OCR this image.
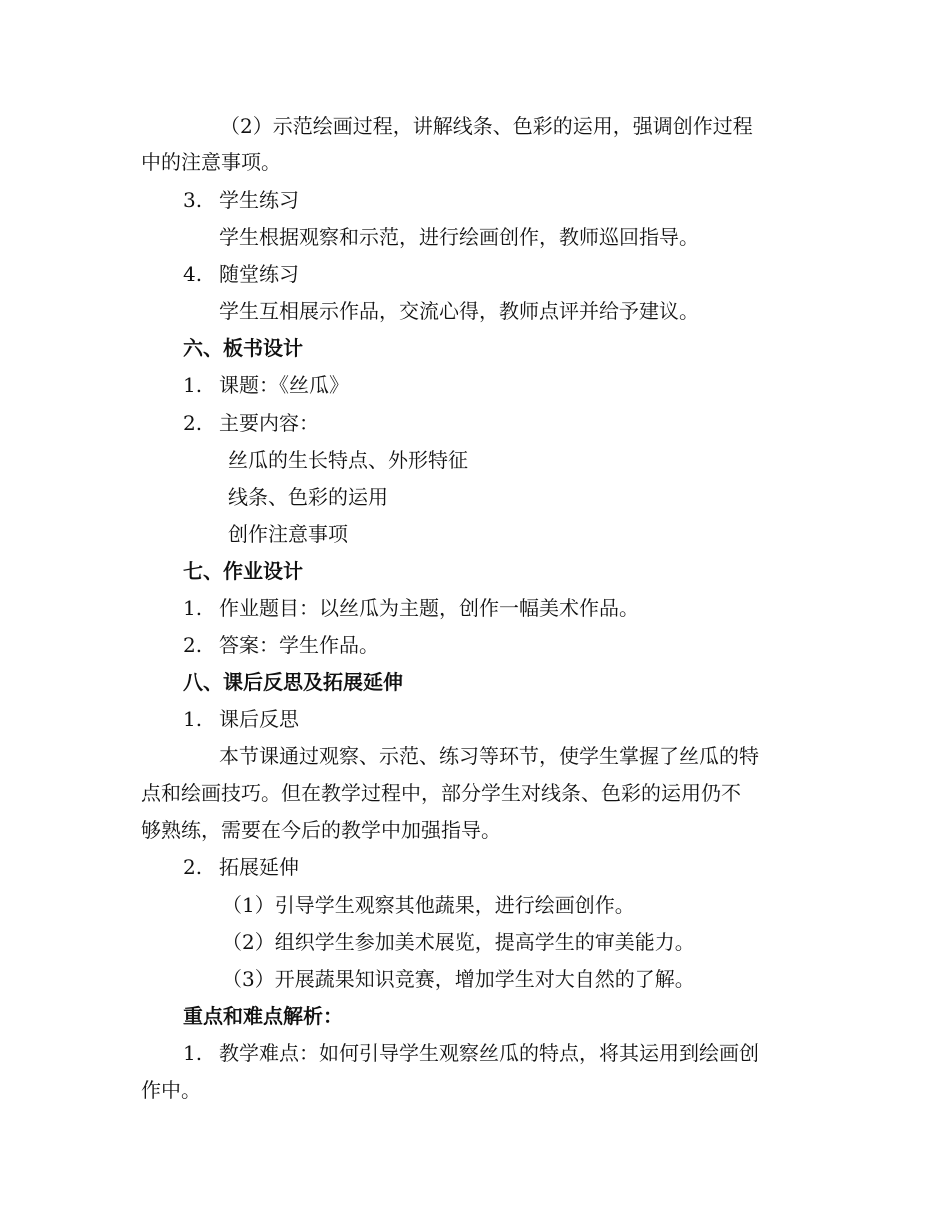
（2）示范绘画过程，讲解线条、色彩的运用，强调创作过程

中的注意事项。

3. 学生练习

学生根据观察和示范，进行绘画创作，教师巡回指导。

4. 随堂练习

学生互相展示作品，交流心得，教师点评并给予建议。

六、板书设计

1. 课题：《丝瓜》

2. 主要内容：

丝瓜的生长特点、外形特征

线条、色彩的运用

创作注意事项

七、作业设计

1. 作业题目：以丝瓜为主题，创作一幅美术作品。

2. 答案：学生作品。

八、课后反思及拓展延伸

1. 课后反思

本节课通过观察、示范、练习等环节，使学生掌握了丝瓜的特

点和绘画技巧。但在教学过程中，部分学生对线条、色彩的运用仍不

够熟练，需要在今后的教学中加强指导。

2. 拓展延伸

（1）引导学生观察其他蔬果，进行绘画创作。

（2）组织学生参加美术展览，提高学生的审美能力。

（3）开展蔬果知识竞赛，增加学生对大自然的了解。

重点和难点解析：

1. 教学难点：如何引导学生观察丝瓜的特点，将其运用到绘画创

作中。
